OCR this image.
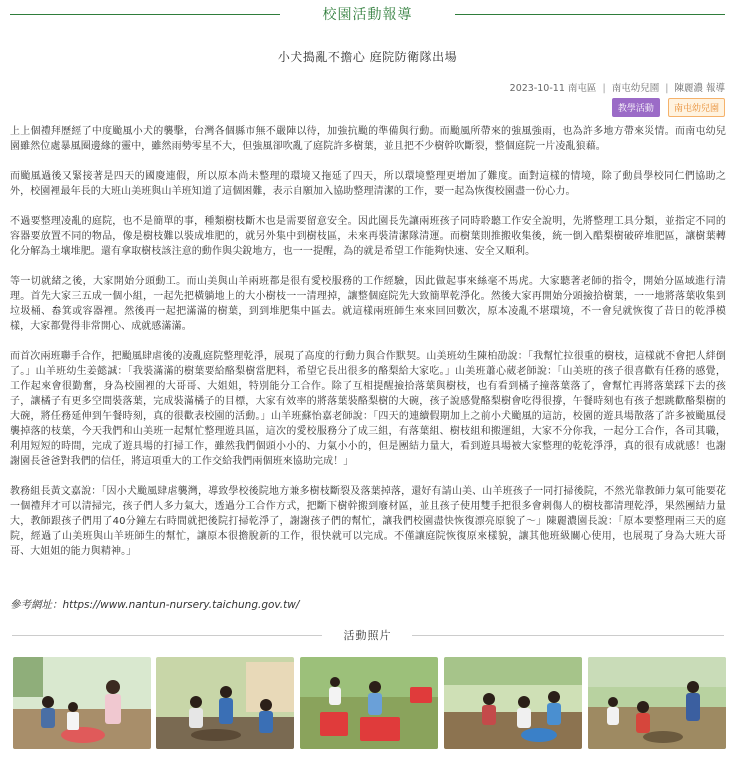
校園活動報導
小犬搗亂不擔心 庭院防衛隊出場
2023-10-11 南屯區 | 南屯幼兒園 | 陳麗濃 報導
教學活動 南屯幼兒園

上上個禮拜歷經了中度颱風小犬的襲擊，台灣各個縣市無不嚴陣以待，加強抗颱的準備與行動。而颱風所帶來的強風強雨，也為許多地方帶來災情。而南屯幼兒園雖然位處暴風圈邊緣的靈中，雖然雨勢零星不大，但強風卻吹亂了庭院許多樹葉，並且把不少樹幹吹斷裂，整個庭院一片凌亂狼藉。

而颱風過後又緊接著是四天的國慶連假，所以原本尚未整理的環境又拖延了四天，所以環境整理更增加了難度。面對這樣的情境，除了動員學校同仁們協助之外，校園裡最年長的大班山美班與山羊班知道了這個困難，表示自願加入協助整理清潔的工作，要一起為恢復校園盡一份心力。

不過要整理凌亂的庭院，也不是簡單的事，種類樹枝斷木也是需要留意安全。因此園長先讓兩班孩子同時聆聽工作安全說明，先將整理工具分類，並指定不同的容器要放置不同的物品，像是樹枝難以裝成堆肥的，就另外集中到樹枝區，未來再裝清潔隊清運。而樹葉則推搬收集後，統一倒入酷梨樹破碎堆肥區，讓樹葉轉化分解為土壤堆肥。還有拿取樹枝該注意的動作與尖銳地方，也一一提醒，為的就是希望工作能夠快速、安全又順利。

等一切就緒之後，大家開始分頭動工。而山美與山羊兩班都是很有愛校服務的工作經驗，因此做起事來絲毫不馬虎。大家聽著老師的指令，開始分區域進行清理。首先大家三五成一個小組，一起先把橫躺地上的大小樹枝一一清理掉，讓整個庭院先大致簡單乾淨化。然後大家再開始分頭撿拾樹葉，一一地將落葉收集到垃圾桶、畚箕或容器裡。然後再一起把滿滿的樹葉，到到堆肥集中區去。就這樣兩班師生來來回回數次，原本凌亂不堪環境，不一會兒就恢復了昔日的乾淨模樣，大家都覺得非常開心、成就感滿滿。

而首次兩班聯手合作，把颱風肆虐後的凌亂庭院整理乾淨，展現了高度的行動力與合作默契。山美班幼生陳柏劭說：「我幫忙拉很重的樹枝，這樣就不會把人絆倒了。」山羊班幼生姜懿誠：「我裝滿滿的樹葉要給酪梨樹當肥料，希望它長出很多的酪梨給大家吃。」山美班蕭心葳老師說：「山美班的孩子很喜歡有任務的感覺，工作起來會很勤奮，身為校園裡的大哥哥、大姐姐，特別能分工合作。除了互相提醒撿拾落葉與樹枝，也有看到橘子撞落葉落了，會幫忙再將落葉踩下去的孩子，讓橘子有更多空間裝落葉，完成裝滿橘子的目標，大家有效率的將落葉裝酪梨樹的大碗，孩子說感覺酪梨樹會吃得很撐，午餐時刻也有孩子想跳歡酪梨樹的大碗，將任務延伸到午餐時刻，真的很歡表校園的活動。」山羊班蘇怡嘉老師說：「四天的連續假期加上之前小犬颱風的這訪，校園的遊具場散落了許多被颱風侵襲掉落的枝葉，今天我們和山美班一起幫忙整理遊具區，這次的愛校服務分了成三組，有落葉組、樹枝組和搬運組，大家不分你我，一起分工合作，各司其職，利用短短的時間，完成了遊具場的打掃工作，雖然我們個頭小小的、力氣小小的，但是團結力量大，看到遊具場被大家整理的乾乾淨淨，真的很有成就感！也謝謝園長爸爸對我們的信任，將這項重大的工作交給我們兩個班來協助完成！」

教務組長黃文嘉說：「因小犬颱風肆虐襲灣，導致學校後院地方兼多樹枝斷裂及落葉掉落，還好有請山美、山羊班孩子一同打掃後院，不然光靠教師力氣可能要花一個禮拜才可以清掃完，孩子們人多力氣大，透過分工合作方式，把斷下樹幹搬到廢材區，並且孩子使用雙手把很多會刺傷人的樹枝都清理乾淨，果然團結力量大，教師跟孩子們用了40分鐘左右時間就把後院打掃乾淨了，謝謝孩子們的幫忙，讓我們校園盡快恢復漂亮原貌了～」陳麗濃園長說：「原本要整理兩三天的庭院，經過了山美班與山羊班師生的幫忙，讓原本很擔脫新的工作，很快就可以完成。不僅讓庭院恢復原來樣貌，讓其他班級關心使用，也展現了身為大班大哥哥、大姐姐的能力與精神。」

參考網址：https://www.nantun-nursery.taichung.gov.tw/
活動照片
